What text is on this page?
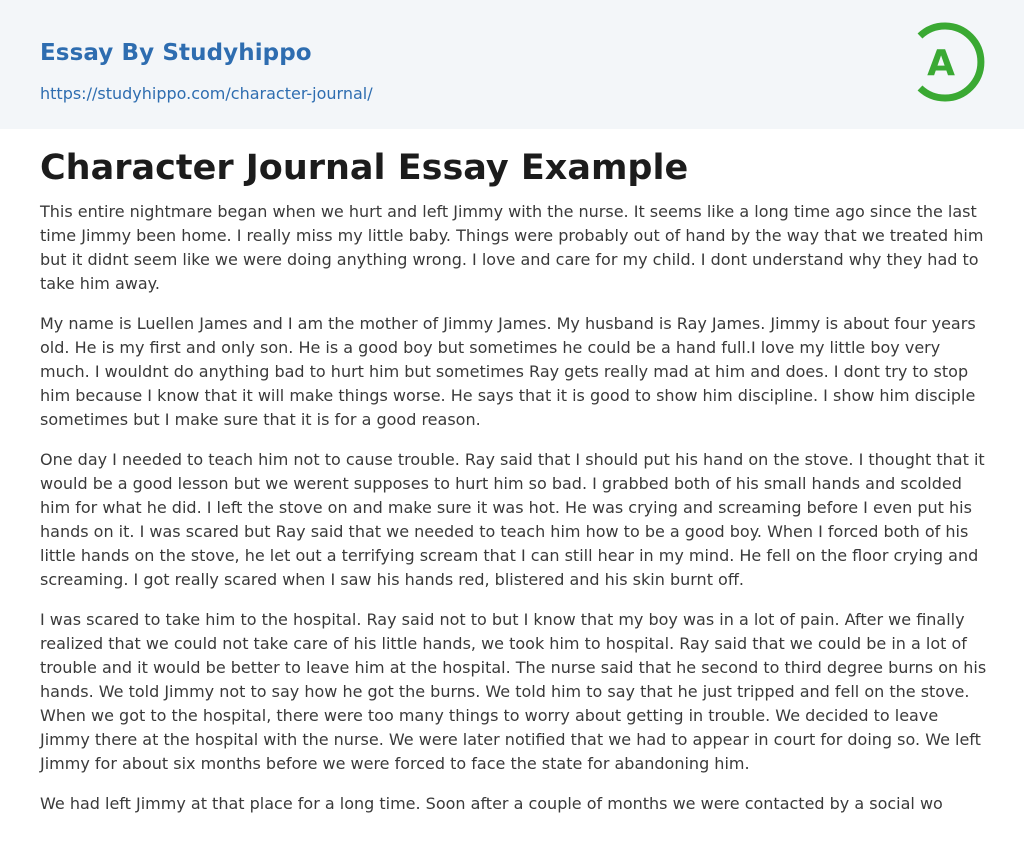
Essay By Studyhippo
https://studyhippo.com/character-journal/
A
Character Journal Essay Example

This entire nightmare began when we hurt and left Jimmy with the nurse. It seems like a long time ago since the last time Jimmy been home. I really miss my little baby. Things were probably out of hand by the way that we treated him but it didnt seem like we were doing anything wrong. I love and care for my child. I dont understand why they had to take him away.

My name is Luellen James and I am the mother of Jimmy James. My husband is Ray James. Jimmy is about four years old. He is my first and only son. He is a good boy but sometimes he could be a hand full.I love my little boy very much. I wouldnt do anything bad to hurt him but sometimes Ray gets really mad at him and does. I dont try to stop him because I know that it will make things worse. He says that it is good to show him discipline. I show him disciple sometimes but I make sure that it is for a good reason.

One day I needed to teach him not to cause trouble. Ray said that I should put his hand on the stove. I thought that it would be a good lesson but we werent supposes to hurt him so bad. I grabbed both of his small hands and scolded him for what he did. I left the stove on and make sure it was hot. He was crying and screaming before I even put his hands on it. I was scared but Ray said that we needed to teach him how to be a good boy. When I forced both of his little hands on the stove, he let out a terrifying scream that I can still hear in my mind. He fell on the floor crying and screaming. I got really scared when I saw his hands red, blistered and his skin burnt off.

I was scared to take him to the hospital. Ray said not to but I know that my boy was in a lot of pain. After we finally realized that we could not take care of his little hands, we took him to hospital. Ray said that we could be in a lot of trouble and it would be better to leave him at the hospital. The nurse said that he second to third degree burns on his hands. We told Jimmy not to say how he got the burns. We told him to say that he just tripped and fell on the stove. When we got to the hospital, there were too many things to worry about getting in trouble. We decided to leave Jimmy there at the hospital with the nurse. We were later notified that we had to appear in court for doing so. We left Jimmy for about six months before we were forced to face the state for abandoning him.

We had left Jimmy at that place for a long time. Soon after a couple of months we were contacted by a social wo
